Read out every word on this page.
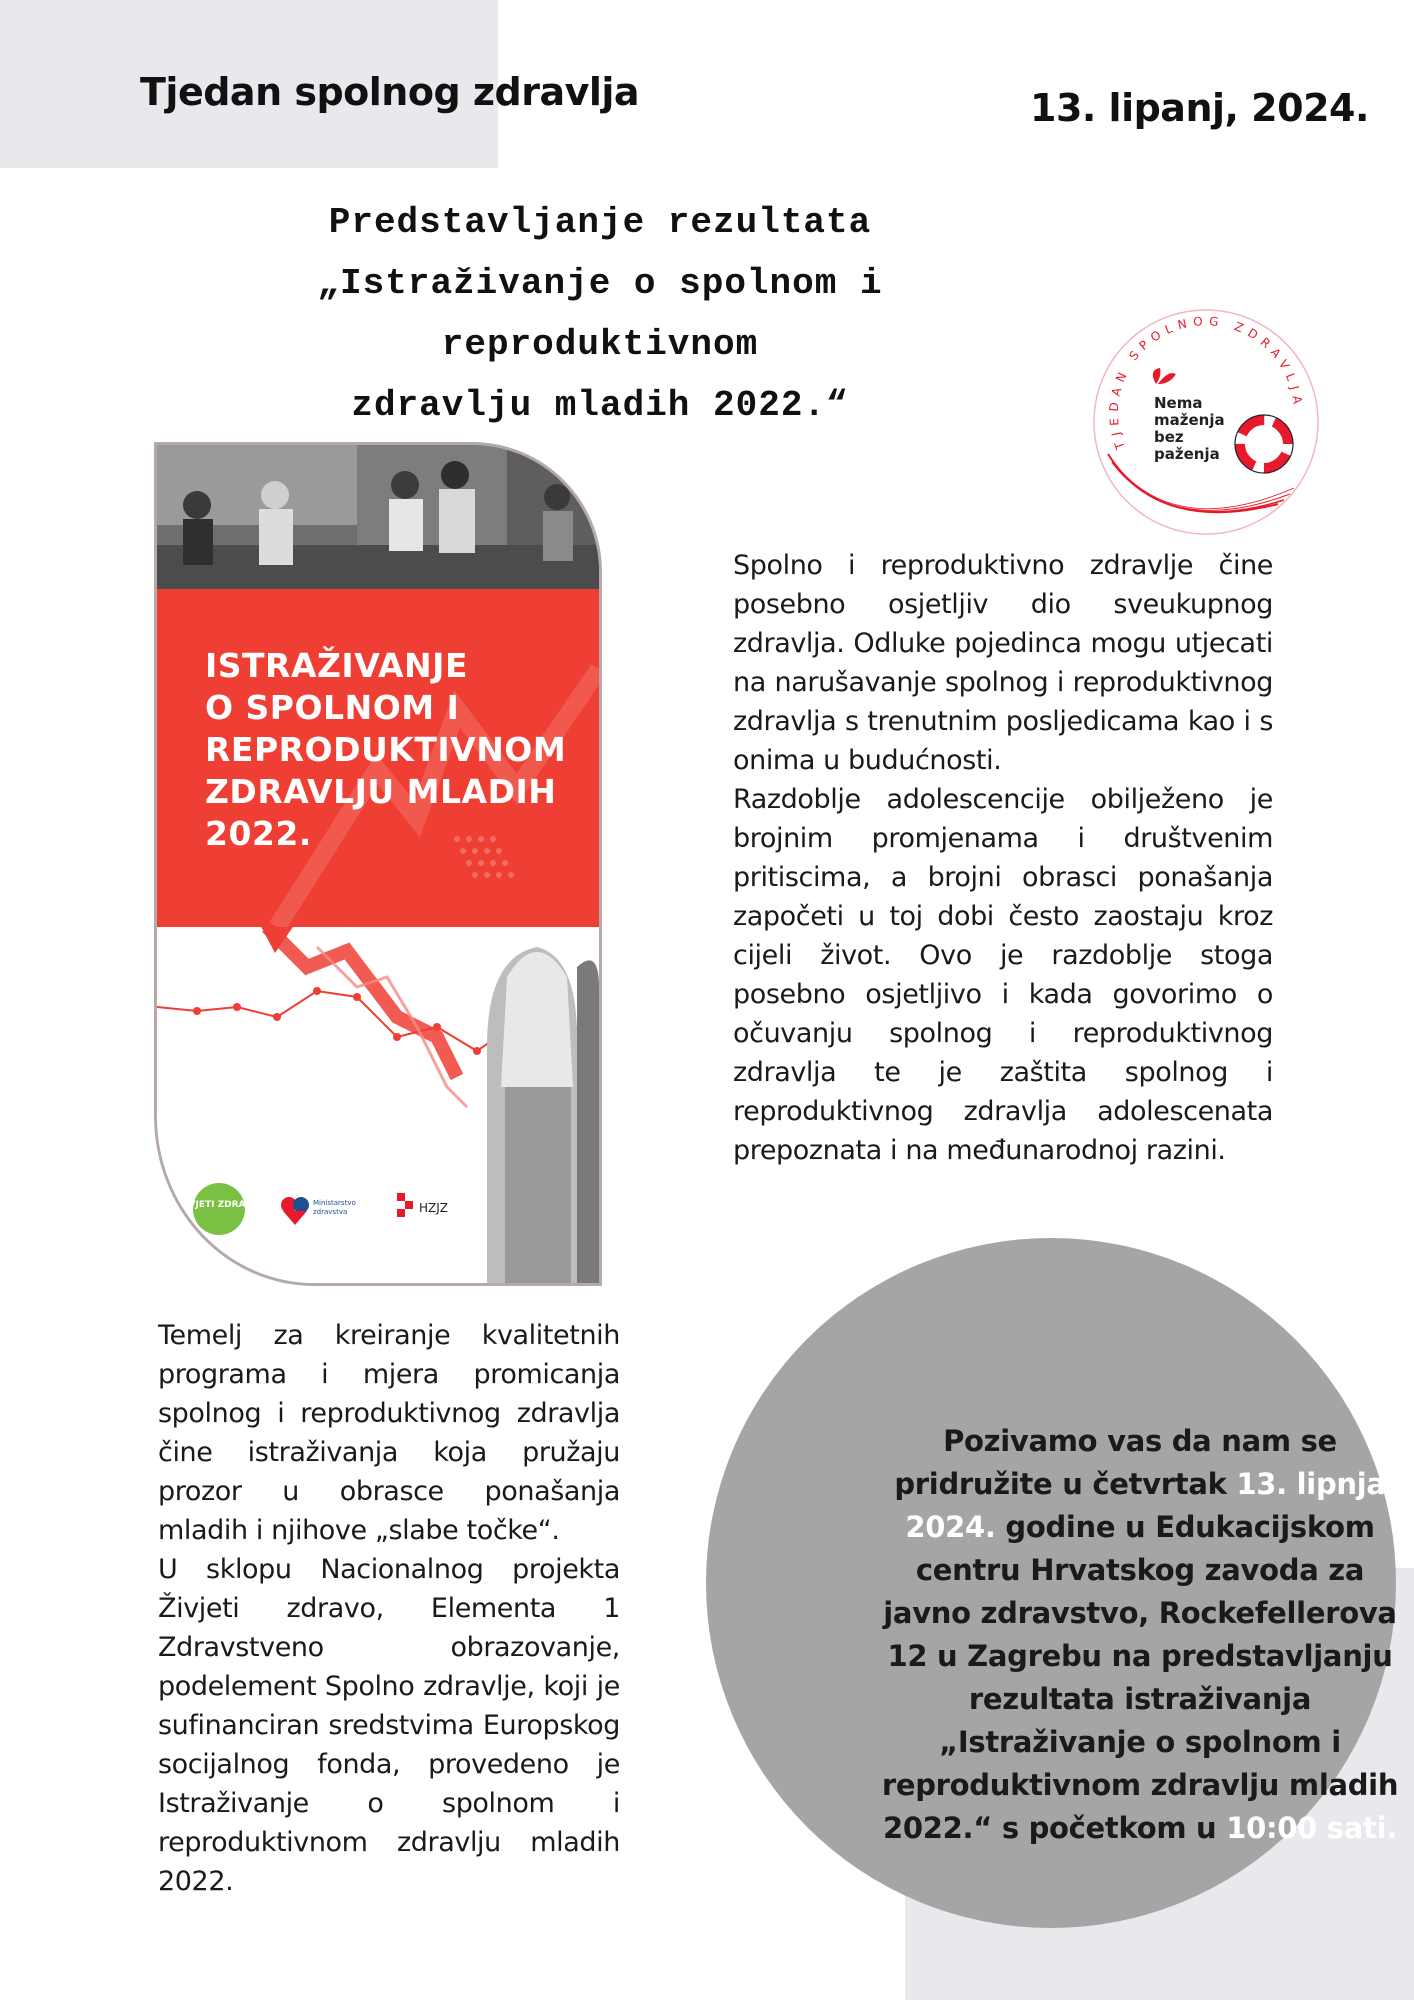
Tjedan spolnog zdravlja	13. lipanj, 2024.
Predstavljanje rezultata
„Istraživanje o spolnom i reproduktivnom
zdravlju mladih 2022.“
TJEDAN SPOLNOG ZDRAVLJA
Nema
maženja
bez
paženja
ISTRAŽIVANJE
O SPOLNOM I
REPRODUKTIVNOM
ZDRAVLJU MLADIH
2022.
ŽIVJETI ZDRAVO	Ministarstvo
zdravstva	HZJZ

Spolno i reproduktivno zdravlje čine posebno osjetljiv dio sveukupnog zdravlja. Odluke pojedinca mogu utjecati na narušavanje spolnog i reproduktivnog zdravlja s trenutnim posljedicama kao i s onima u budućnosti.

Razdoblje adolescencije obilježeno je brojnim promjenama i društvenim pritiscima, a brojni obrasci ponašanja započeti u toj dobi često zaostaju kroz cijeli život. Ovo je razdoblje stoga posebno osjetljivo i kada govorimo o očuvanju spolnog i reproduktivnog zdravlja te je zaštita spolnog i reproduktivnog zdravlja adolescenata prepoznata i na međunarodnoj razini.

Temelj za kreiranje kvalitetnih programa i mjera promicanja spolnog i reproduktivnog zdravlja čine istraživanja koja pružaju prozor u obrasce ponašanja mladih i njihove „slabe točke“.

U sklopu Nacionalnog projekta Živjeti zdravo, Elementa 1 Zdravstveno obrazovanje, podelement Spolno zdravlje, koji je sufinanciran sredstvima Europskog socijalnog fonda, provedeno je Istraživanje o spolnom i reproduktivnom zdravlju mladih 2022.

Pozivamo vas da nam se pridružite u četvrtak 13. lipnja 2024. godine u Edukacijskom centru Hrvatskog zavoda za javno zdravstvo, Rockefellerova 12 u Zagrebu na predstavljanju rezultata istraživanja „Istraživanje o spolnom i reproduktivnom zdravlju mladih 2022.“ s početkom u 10:00 sati.
